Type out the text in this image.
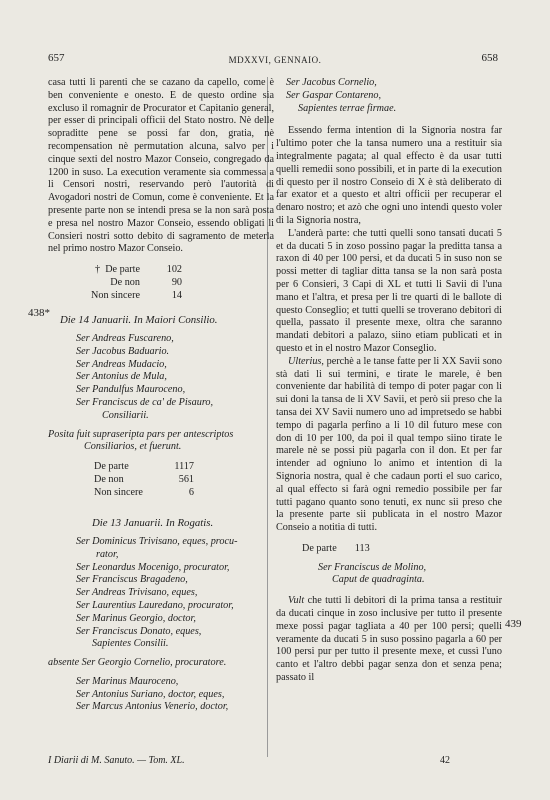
657	MDXXVI, GENNAIO.	658
438*
439

casa tutti li parenti che se cazano da capello, come è ben conveniente e onesto. E de questo ordine sia excluso il romagnir de Procurator et Capitanio general, per esser di principali officii del Stato nostro. Nè delle sopraditte pene se possi far don, gratia, nè recompensation nè permutation alcuna, salvo per i cinque sexti del nostro Mazor Conseio, congregado da 1200 in suso. La execution veramente sia commessa a li Censori nostri, reservando però l'autorità di Avogadori nostri de Comun, come è conveniente. Et la presente parte non se intendi presa se la non sarà posta e presa nel nostro Mazor Conseio, essendo obligati li Consieri nostri sotto debito di sagramento de meterla nel primo nostro Mazor Conseio.

† De parte	102
De non	90
Non sincere	14
Die 14 Januarii. In Maiori Consilio.
Ser Andreas Fuscareno,
Ser Jacobus Baduario.
Ser Andreas Mudacio,
Ser Antonius de Mula,
Ser Pandulfus Mauroceno,
Ser Franciscus de ca' de Pisauro,
Consiliarii.
Posita fuit supraseripta pars per antescriptos
Consiliarios, et fuerunt.
De parte	1117
De non	561
Non sincere	6
Die 13 Januarii. In Rogatis.
Ser Dominicus Trivisano, eques, procu-
rator,
Ser Leonardus Mocenigo, procurator,
Ser Franciscus Bragadeno,
Ser Andreas Trivisano, eques,
Ser Laurentius Lauredano, procurator,
Ser Marinus Georgio, doctor,
Ser Franciscus Donato, eques,
Sapientes Consilii.
absente Ser Georgio Cornelio, procuratore.
Ser Marinus Mauroceno,
Ser Antonius Suriano, doctor, eques,
Ser Marcus Antonius Venerio, doctor,
Ser Jacobus Cornelio,
Ser Gaspar Contareno,
Sapientes terrae firmae.

Essendo ferma intention di la Signoria nostra far l'ultimo poter che la tansa numero una a restituir sia integralmente pagata; al qual effecto è da usar tutti quelli remedii sono possibili, et in parte di la execution di questo per il nostro Conseio di X è stà deliberato di far exator et a questo et altri officii per recuperar el denaro nostro; et azò che ogni uno intendi questo voler di la Signoria nostra,

L'anderà parte: che tutti quelli sono tansati ducati 5 et da ducati 5 in zoso possino pagar la preditta tansa a raxon di 40 per 100 persi, et da ducati 5 in suso non se possi metter di tagliar ditta tansa se la non sarà posta per 6 Consieri, 3 Capi di XL et tutti li Savii di l'una mano et l'altra, et presa per li tre quarti di le ballote di questo Conseglio; et tutti quelli se troverano debitori di quella, passato il presente mexe, oltra che saranno mandati debitori a palazo, siino etiam publicati et in questo et in el nostro Mazor Conseglio.

Ulterius, perchè a le tanse fatte per li XX Savii sono stà dati li sui termini, e tirate le marele, è ben conveniente dar habilità di tempo di poter pagar con li sui doni la tansa de li XV Savii, et però sii preso che la tansa dei XV Savii numero uno ad impretsedo se habbi tempo di pagarla perfino a li 10 dil futuro mese con don di 10 per 100, da poi il qual tempo siino tirate le marele nè se possi più pagarla con il don. Et per far intender ad ogniuno lo animo et intention di la Signoria nostra, qual è che cadaun porti el suo carico, al qual effecto si farà ogni remedio possibile per far tutti pagano quanto sono tenuti, ex nunc sii preso che la presente parte sii publicata in el nostro Mazor Conseio a notitia di tutti.

De parte 113
Ser Franciscus de Molino,
Caput de quadraginta.

Vult che tutti li debitori di la prima tansa a restituir da ducati cinque in zoso inclusive per tutto il presente mexe possi pagar tagliata a 40 per 100 persi; quelli veramente da ducati 5 in suso possino pagarla a 60 per 100 persi pur per tutto il presente mexe, et cussì l'uno canto et l'altro debbi pagar senza don et senza pena; passato il

I Diarii di M. Sanuto. — Tom. XL.	42
